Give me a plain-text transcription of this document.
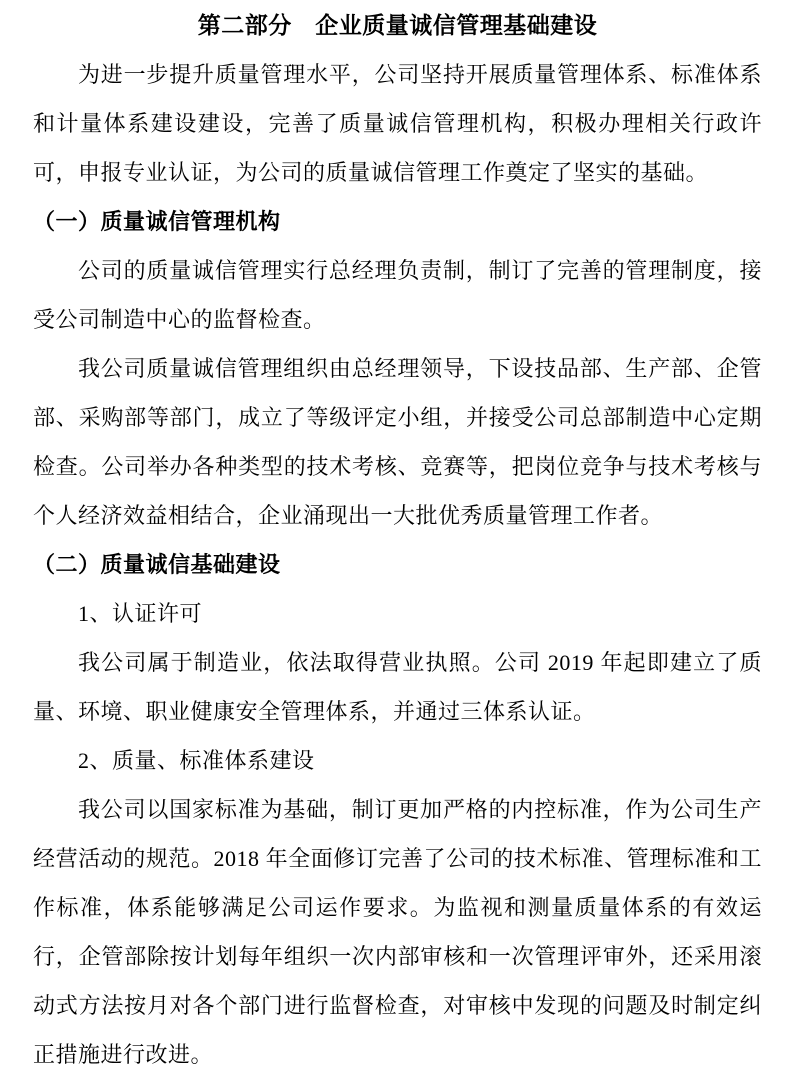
第二部分　企业质量诚信管理基础建设

为进一步提升质量管理水平，公司坚持开展质量管理体系、标准体系和计量体系建设建设，完善了质量诚信管理机构，积极办理相关行政许可，申报专业认证，为公司的质量诚信管理工作奠定了坚实的基础。

（一）质量诚信管理机构

公司的质量诚信管理实行总经理负责制，制订了完善的管理制度，接受公司制造中心的监督检查。

我公司质量诚信管理组织由总经理领导，下设技品部、生产部、企管部、采购部等部门，成立了等级评定小组，并接受公司总部制造中心定期检查。公司举办各种类型的技术考核、竞赛等，把岗位竞争与技术考核与个人经济效益相结合，企业涌现出一大批优秀质量管理工作者。

（二）质量诚信基础建设

1、认证许可

我公司属于制造业，依法取得营业执照。公司 2019 年起即建立了质量、环境、职业健康安全管理体系，并通过三体系认证。

2、质量、标准体系建设

我公司以国家标准为基础，制订更加严格的内控标准，作为公司生产经营活动的规范。2018 年全面修订完善了公司的技术标准、管理标准和工作标准，体系能够满足公司运作要求。为监视和测量质量体系的有效运行，企管部除按计划每年组织一次内部审核和一次管理评审外，还采用滚动式方法按月对各个部门进行监督检查，对审核中发现的问题及时制定纠正措施进行改进。
